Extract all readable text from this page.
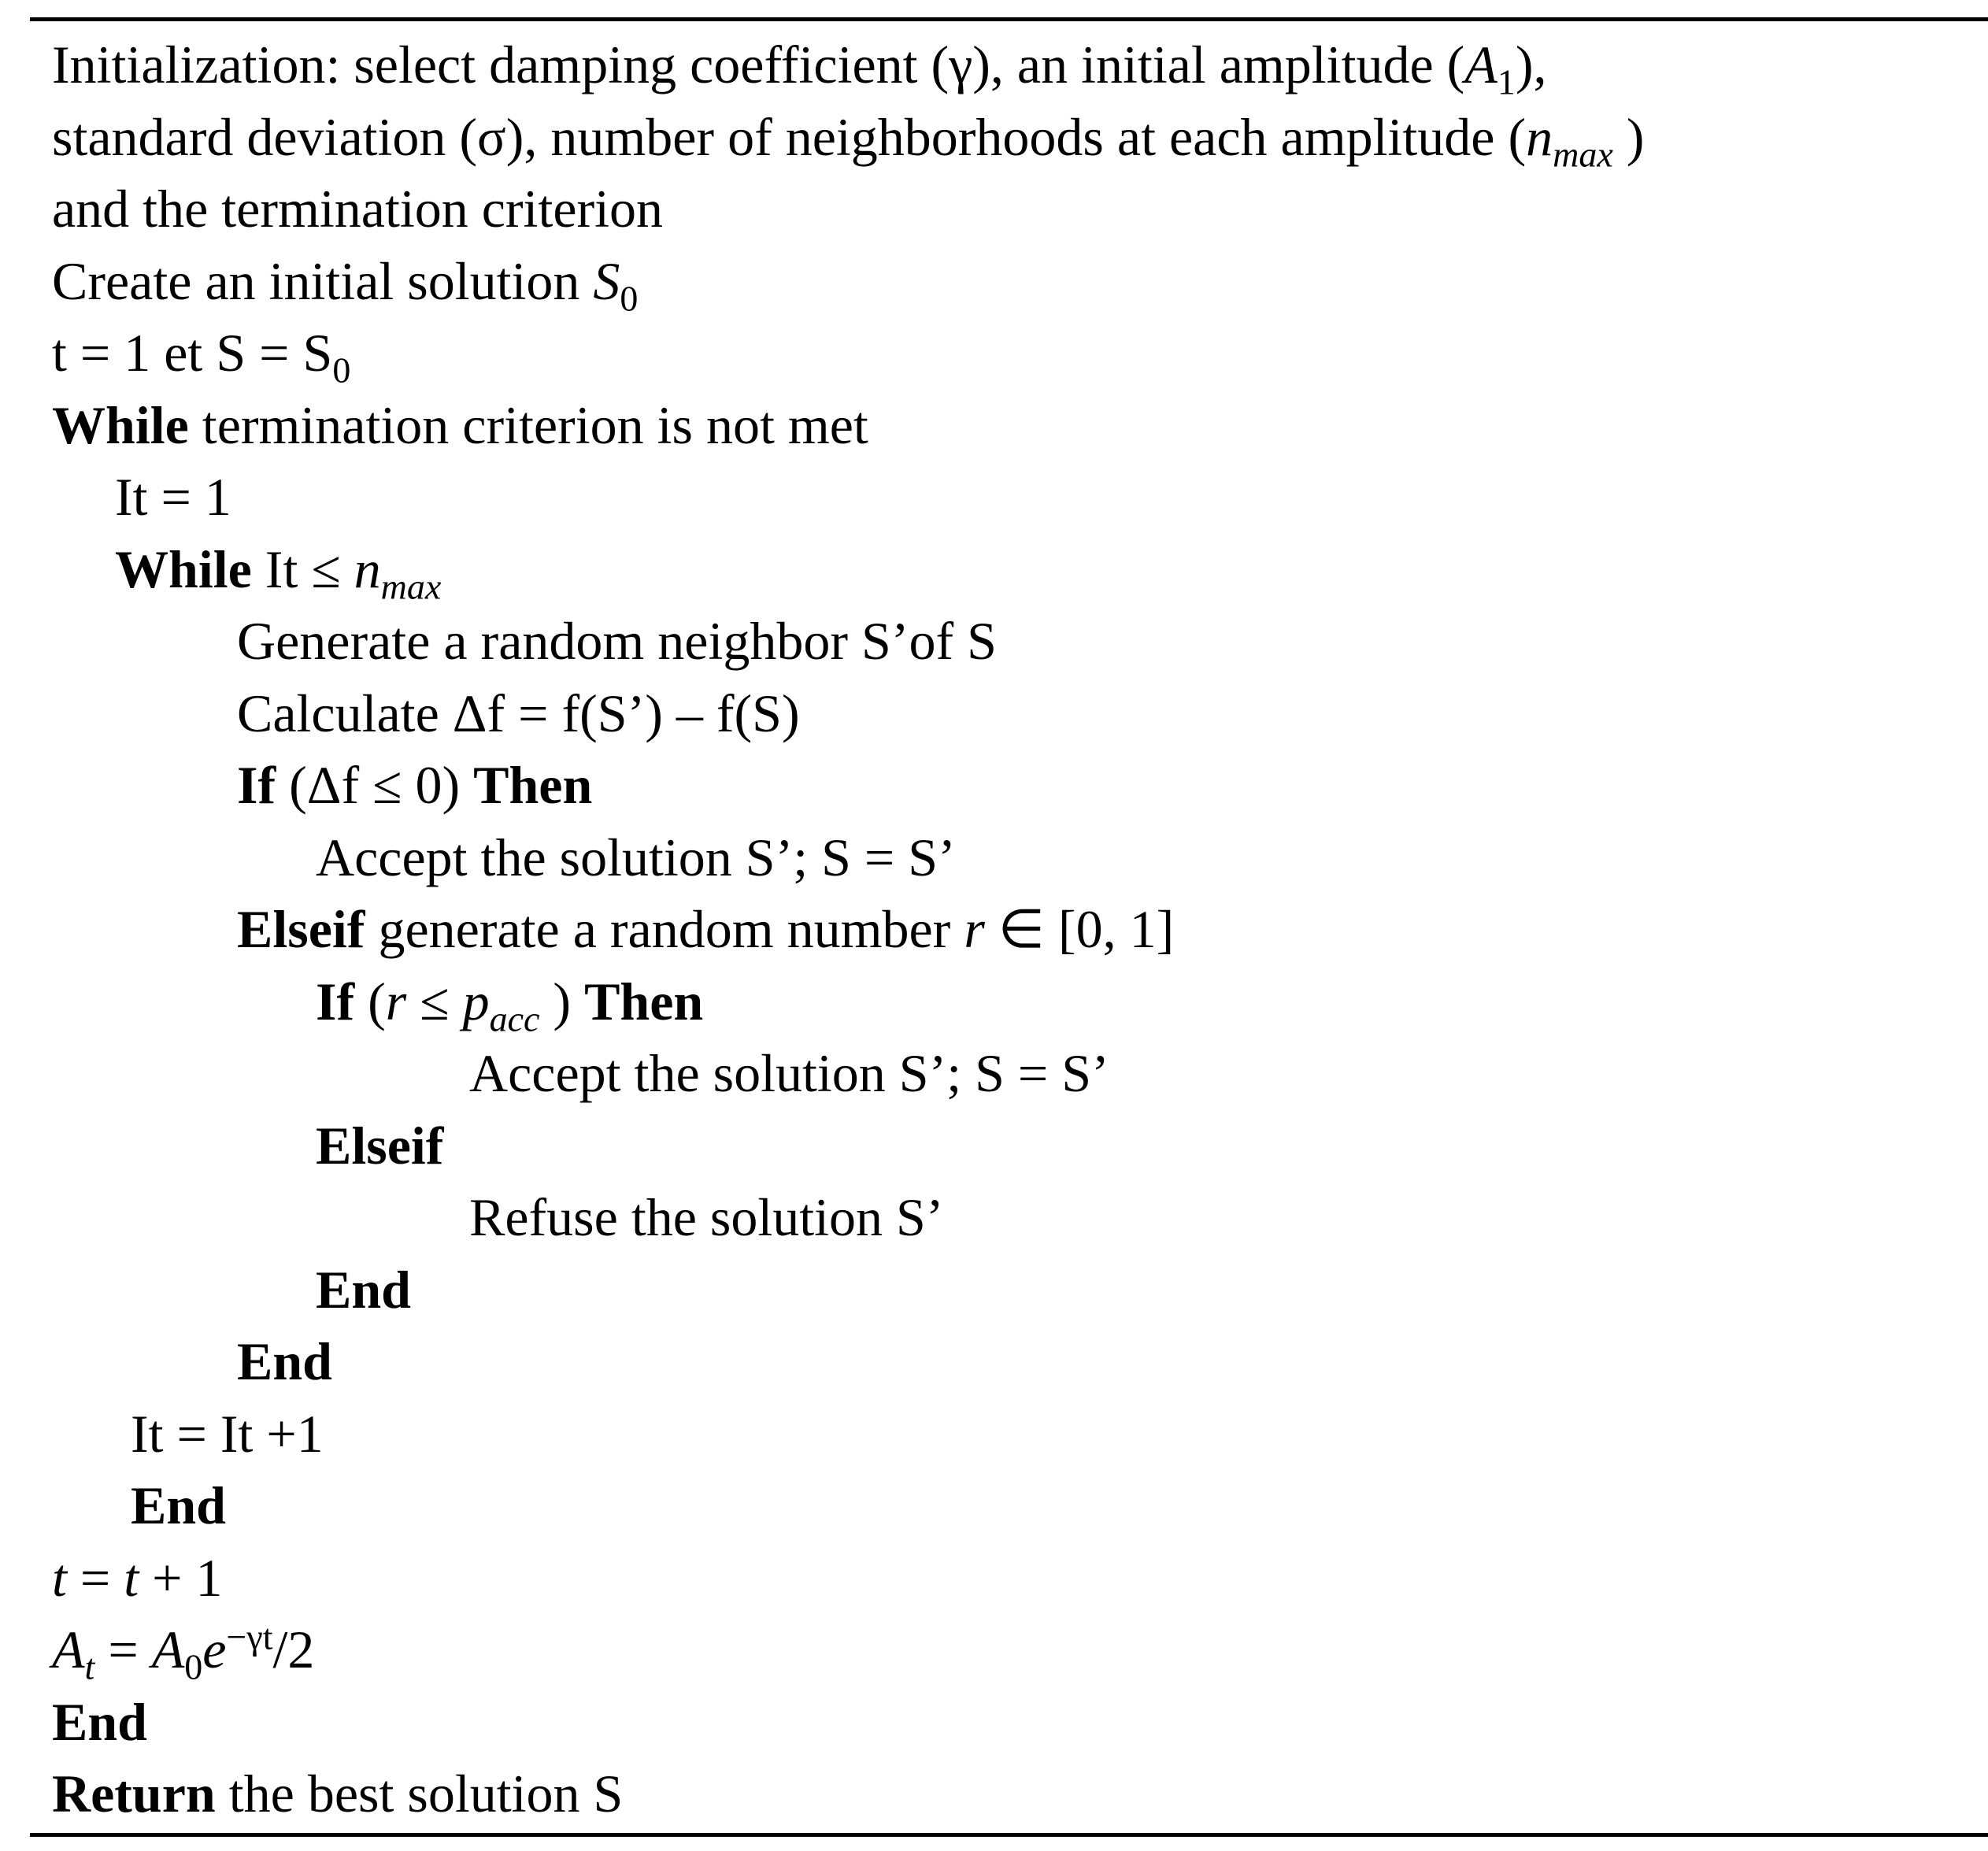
Initialization: select damping coefficient (γ), an initial amplitude $(A_1)$,
standard deviation (σ), number of neighborhoods at each amplitude ($n_{max}$ )
and the termination criterion
Create an initial solution $S_0$
t = 1 et $S = S_0$
While termination criterion is not met
It = 1
While $It \le n_{max}$
Generate a random neighbor S’of S
Calculate Δf = f(S’) – f(S)
If (Δf ≤ 0) Then
Accept the solution S’; S = S’
Elseif generate a random number r ∈ [0, 1]
If ($r \le p_{acc}$ ) Then
Accept the solution S’; S = S’
Elseif
Refuse the solution S’
End
End
It = It +1
End
t = t + 1
$A_t = A_0e^{-\gamma t}/2$
End
Return the best solution S
